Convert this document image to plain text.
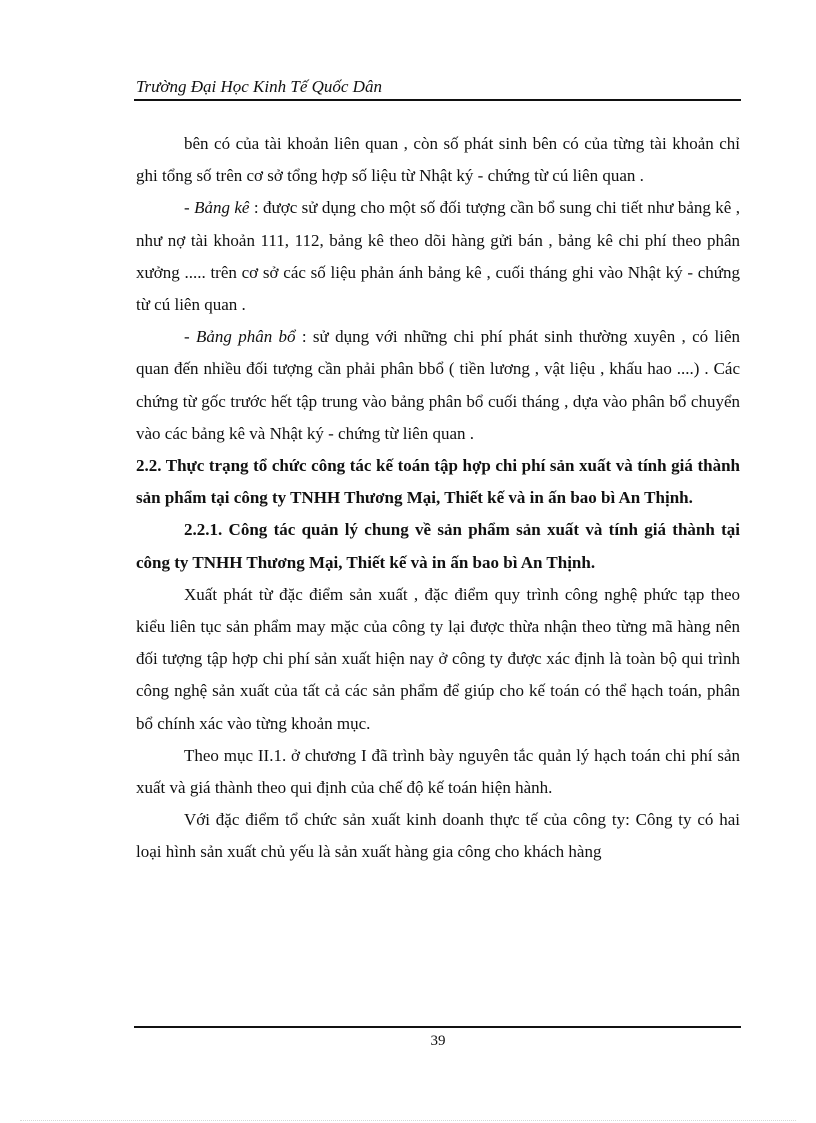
Trường Đại Học Kinh Tế Quốc Dân

bên có của tài khoản liên quan , còn số phát sinh bên có của từng tài khoản chỉ ghi tổng số trên cơ sở tổng hợp số liệu từ Nhật ký - chứng từ cú liên quan .

- Bảng kê : được sử dụng cho một số đối tượng cần bổ sung chi tiết như bảng kê , như nợ tài khoản 111, 112, bảng kê theo dõi hàng gửi bán , bảng kê chi phí theo phân xưởng ..... trên cơ sở các số liệu phản ánh bảng kê , cuối tháng ghi vào Nhật ký - chứng từ cú liên quan .

- Bảng phân bổ : sử dụng với những chi phí phát sinh thường xuyên , có liên quan đến nhiều đối tượng cần phải phân bbổ ( tiền lương , vật liệu , khấu hao ....) . Các chứng từ gốc trước hết tập trung vào bảng phân bổ cuối tháng , dựa vào phân bổ chuyển vào các bảng kê và Nhật ký - chứng từ liên quan .

2.2. Thực trạng tổ chức công tác kế toán tập hợp chi phí sản xuất và tính giá thành sản phẩm tại công ty TNHH Thương Mại, Thiết kế và in ấn bao bì An Thịnh.

2.2.1. Công tác quản lý chung về sản phẩm sản xuất và tính giá thành tại công ty TNHH Thương Mại, Thiết kế và in ấn bao bì An Thịnh.

Xuất phát từ đặc điểm sản xuất , đặc điểm quy trình công nghệ phức tạp theo kiểu liên tục sản phẩm may mặc của công ty lại được thừa nhận theo từng mã hàng nên đối tượng tập hợp chi phí sản xuất hiện nay ở công ty được xác định là toàn bộ qui trình công nghệ sản xuất của tất cả các sản phẩm để giúp cho kế toán có thể hạch toán, phân bổ chính xác vào từng khoản mục.

Theo mục II.1. ở chương I đã trình bày nguyên tắc quản lý hạch toán chi phí sản xuất và giá thành theo qui định của chế độ kế toán hiện hành.

Với đặc điểm tổ chức sản xuất kinh doanh thực tế của công ty: Công ty có hai loại hình sản xuất chủ yếu là sản xuất hàng gia công cho khách hàng

39
